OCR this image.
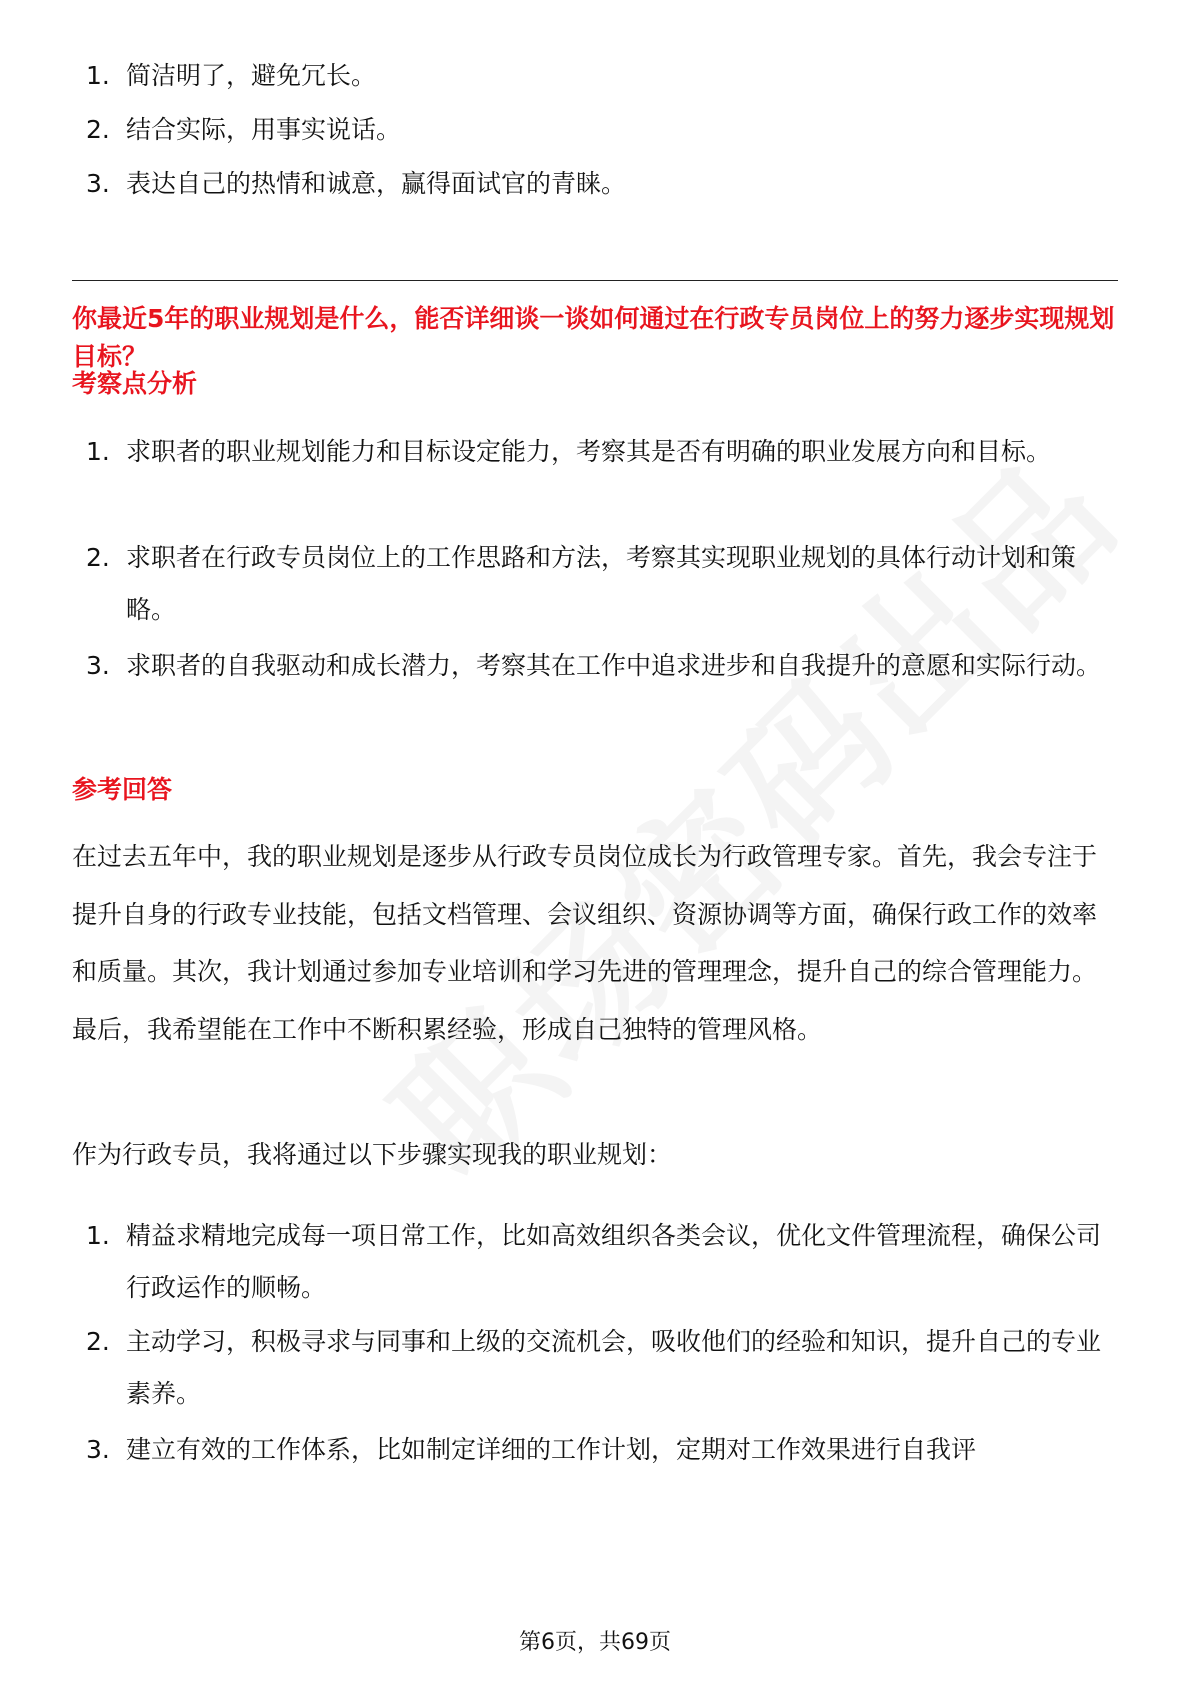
1. 简洁明了，避免冗长。
2. 结合实际，用事实说话。
3. 表达自己的热情和诚意，赢得面试官的青睐。
你最近5年的职业规划是什么，能否详细谈一谈如何通过在行政专员岗位上的努力逐步实现规划目标？
考察点分析
1. 求职者的职业规划能力和目标设定能力，考察其是否有明确的职业发展方向和目标。
2. 求职者在行政专员岗位上的工作思路和方法，考察其实现职业规划的具体行动计划和策略。
3. 求职者的自我驱动和成长潜力，考察其在工作中追求进步和自我提升的意愿和实际行动。
参考回答

在过去五年中，我的职业规划是逐步从行政专员岗位成长为行政管理专家。首先，我会专注于提升自身的行政专业技能，包括文档管理、会议组织、资源协调等方面，确保行政工作的效率和质量。其次，我计划通过参加专业培训和学习先进的管理理念，提升自己的综合管理能力。最后，我希望能在工作中不断积累经验，形成自己独特的管理风格。

作为行政专员，我将通过以下步骤实现我的职业规划：

1. 精益求精地完成每一项日常工作，比如高效组织各类会议，优化文件管理流程，确保公司行政运作的顺畅。
2. 主动学习，积极寻求与同事和上级的交流机会，吸收他们的经验和知识，提升自己的专业素养。
3. 建立有效的工作体系，比如制定详细的工作计划，定期对工作效果进行自我评
第6页，共69页
